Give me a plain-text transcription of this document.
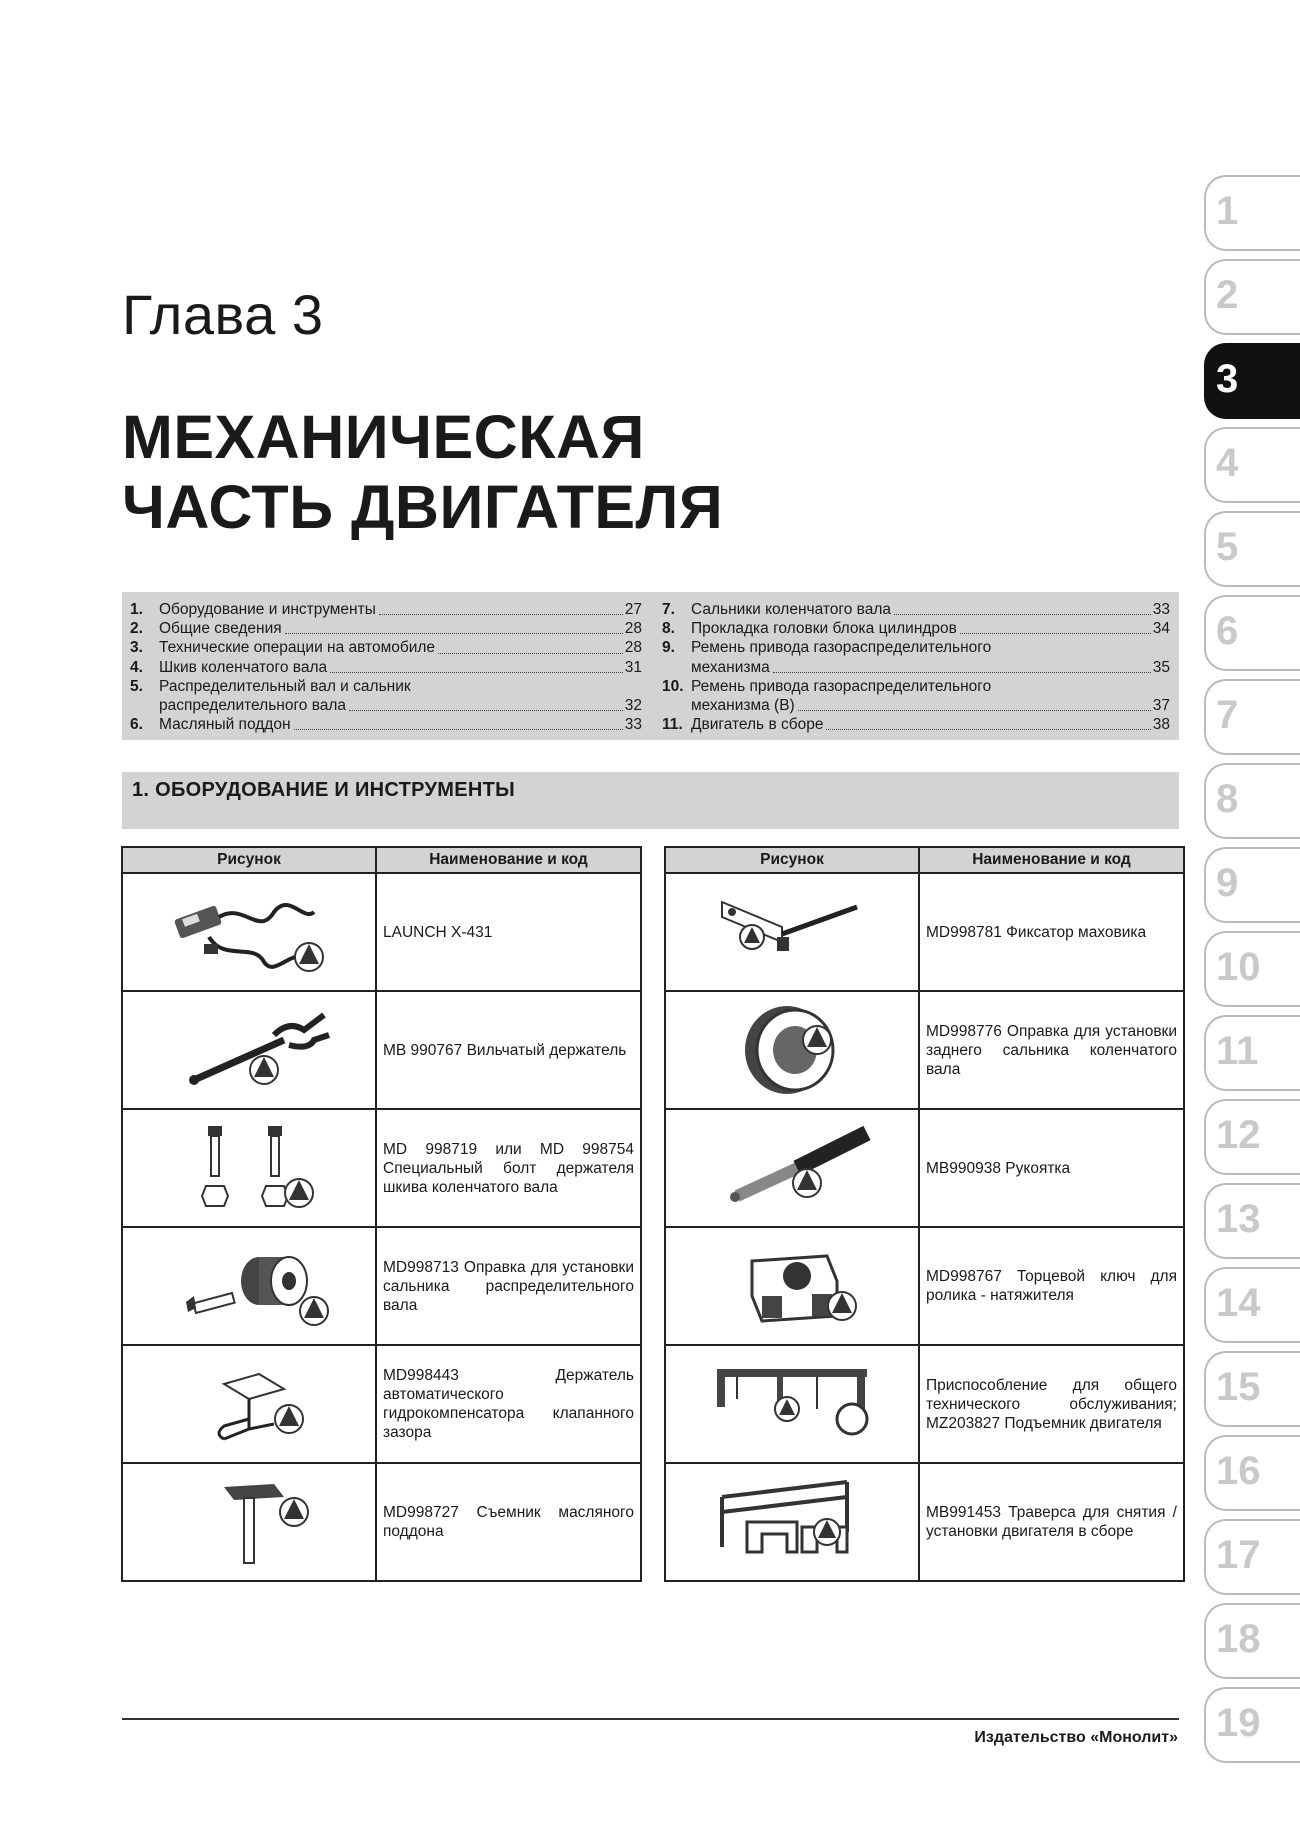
Глава 3
МЕХАНИЧЕСКАЯ
ЧАСТЬ ДВИГАТЕЛЯ
1.	Оборудование и инструменты	27
2.	Общие сведения	28
3.	Технические операции на автомобиле	28
4.	Шкив коленчатого вала	31
5.	Распределительный вал и сальник
распределительного вала	32
6.	Масляный поддон	33
7.	Сальники коленчатого вала	33
8.	Прокладка головки блока цилиндров	34
9.	Ремень привода газораспределительного
механизма	35
10. Ремень привода газораспределительного
механизма (B)	37
11. Двигатель в сборе	38
1. ОБОРУДОВАНИЕ И ИНСТРУМЕНТЫ
Рисунок	Наименование и код

	LAUNCH X-431

	MB 990767 Вильчатый держатель

	MD 998719 или MD 998754 Специальный болт держателя шкива коленчатого вала

	MD998713 Оправка для установки сальника распределительного вала

	MD998443 Держатель автоматического гидрокомпенсатора клапанного зазора

	MD998727 Съемник масляного поддона
Рисунок	Наименование и код

	MD998781 Фиксатор маховика

	MD998776 Оправка для установки заднего сальника коленчатого вала

	MB990938 Рукоятка

	MD998767 Торцевой ключ для ролика - натяжителя

	Приспособление для общего технического обслуживания; MZ203827 Подъемник двигателя

	MB991453 Траверса для снятия / установки двигателя в сборе
1
2
3
4
5
6
7
8
9
10
11
12
13
14
15
16
17
18
19
Издательство «Монолит»
